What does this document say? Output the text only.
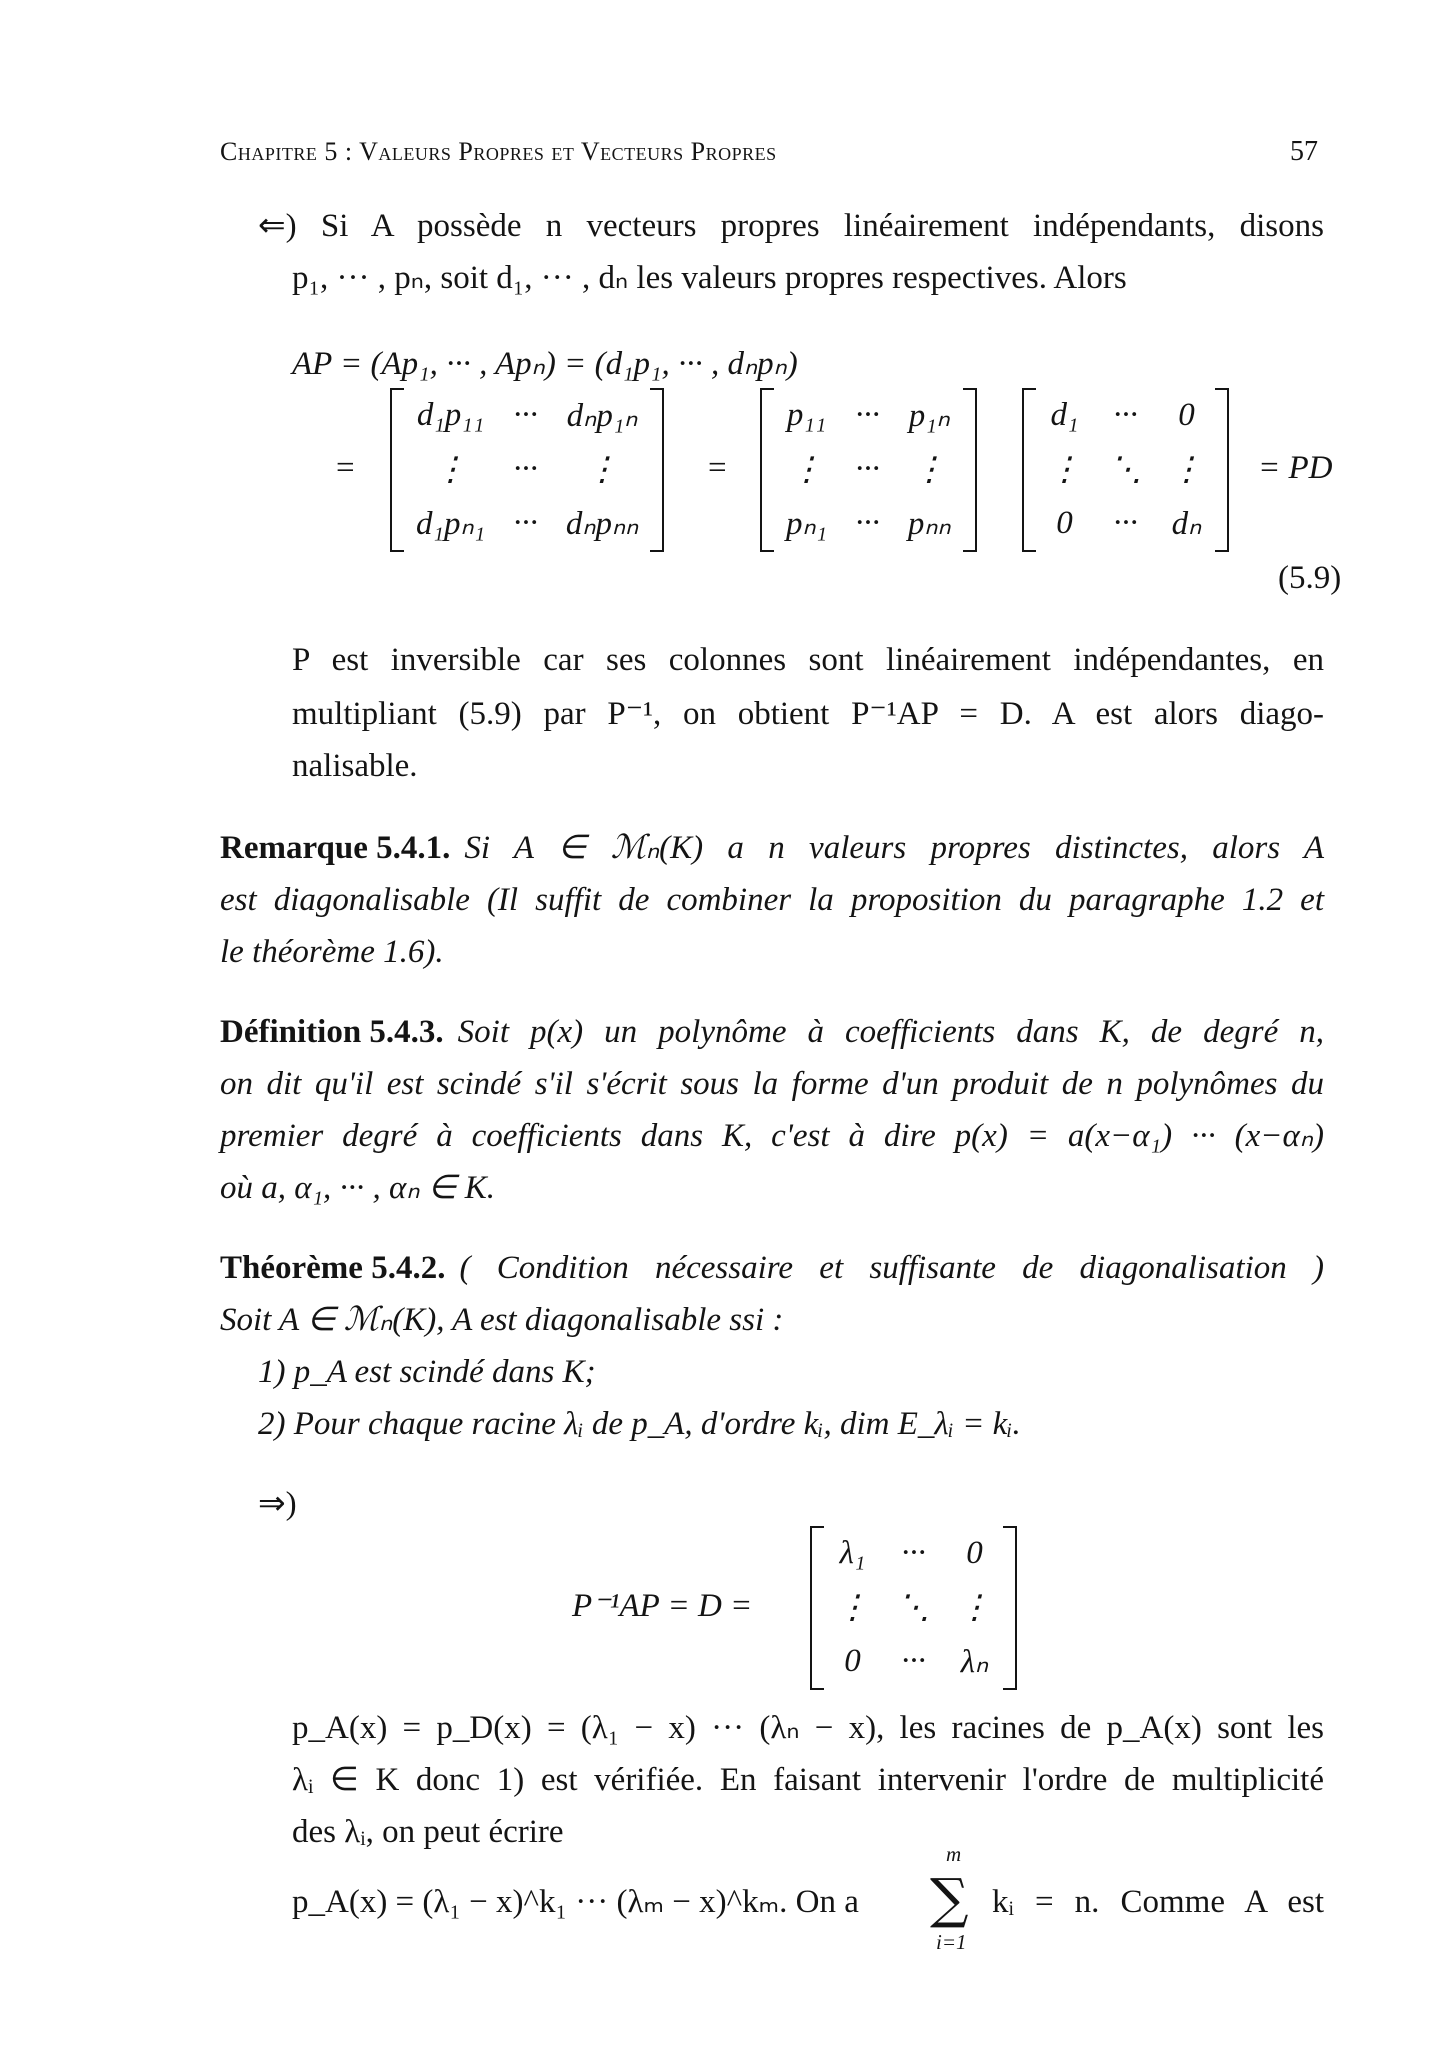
Chapitre 5 : Valeurs Propres et Vecteurs Propres	57
⇐) Si A possède n vecteurs propres linéairement indépendants, disons
p₁, ··· , pₙ, soit d₁, ··· , dₙ les valeurs propres respectives. Alors
AP = (Ap₁, ··· , Apₙ) = (d₁p₁, ··· , dₙpₙ)
=
d₁p₁₁ ··· dₙp₁ₙ
⋮ ··· ⋮
d₁pₙ₁ ··· dₙpₙₙ
=
p₁₁ ··· p₁ₙ
⋮ ··· ⋮
pₙ₁ ··· pₙₙ
d₁ ··· 0
⋮ ⋱ ⋮
0 ··· dₙ
= PD
(5.9)
P est inversible car ses colonnes sont linéairement indépendantes, en
multipliant (5.9) par P⁻¹, on obtient P⁻¹AP = D. A est alors diago-
nalisable.
Remarque 5.4.1. Si A ∈ ℳₙ(K) a n valeurs propres distinctes, alors A
est diagonalisable (Il suffit de combiner la proposition du paragraphe 1.2 et
le théorème 1.6).
Définition 5.4.3. Soit p(x) un polynôme à coefficients dans K, de degré n,
on dit qu'il est scindé s'il s'écrit sous la forme d'un produit de n polynômes du
premier degré à coefficients dans K, c'est à dire p(x) = a(x−α₁) ··· (x−αₙ)
où a, α₁, ··· , αₙ ∈ K.
Théorème 5.4.2. ( Condition nécessaire et suffisante de diagonalisation )
Soit A ∈ ℳₙ(K), A est diagonalisable ssi :
1) p_A est scindé dans K;
2) Pour chaque racine λᵢ de p_A, d'ordre kᵢ, dim E_λᵢ = kᵢ.
⇒)
P⁻¹AP = D =
λ₁ ··· 0
⋮ ⋱ ⋮
0 ··· λₙ
p_A(x) = p_D(x) = (λ₁ − x) ··· (λₙ − x), les racines de p_A(x) sont les
λᵢ ∈ K donc 1) est vérifiée. En faisant intervenir l'ordre de multiplicité
des λᵢ, on peut écrire
p_A(x) = (λ₁ − x)^k₁ ··· (λₘ − x)^kₘ. On a
m
∑
i=1
kᵢ = n. Comme A est
